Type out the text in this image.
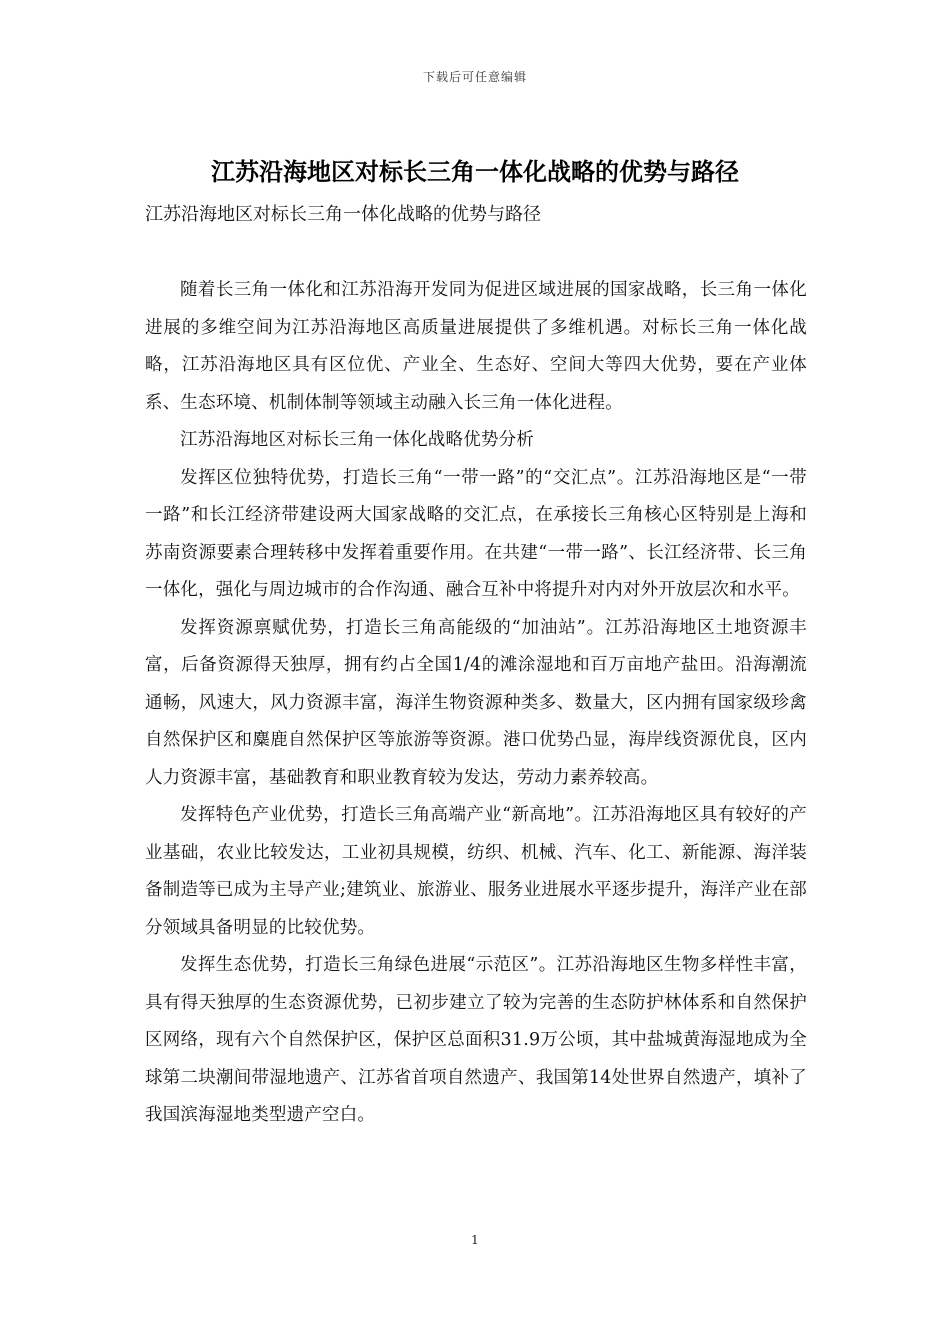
下载后可任意编辑
江苏沿海地区对标长三角一体化战略的优势与路径

江苏沿海地区对标长三角一体化战略的优势与路径

随着长三角一体化和江苏沿海开发同为促进区域进展的国家战略，长三角一体化进展的多维空间为江苏沿海地区高质量进展提供了多维机遇。对标长三角一体化战略，江苏沿海地区具有区位优、产业全、生态好、空间大等四大优势，要在产业体系、生态环境、机制体制等领域主动融入长三角一体化进程。

江苏沿海地区对标长三角一体化战略优势分析

发挥区位独特优势，打造长三角“一带一路”的“交汇点”。江苏沿海地区是“一带一路”和长江经济带建设两大国家战略的交汇点，在承接长三角核心区特别是上海和苏南资源要素合理转移中发挥着重要作用。在共建“一带一路”、长江经济带、长三角一体化，强化与周边城市的合作沟通、融合互补中将提升对内对外开放层次和水平。

发挥资源禀赋优势，打造长三角高能级的“加油站”。江苏沿海地区土地资源丰富，后备资源得天独厚，拥有约占全国1/4的滩涂湿地和百万亩地产盐田。沿海潮流通畅，风速大，风力资源丰富，海洋生物资源种类多、数量大，区内拥有国家级珍禽自然保护区和麋鹿自然保护区等旅游等资源。港口优势凸显，海岸线资源优良，区内人力资源丰富，基础教育和职业教育较为发达，劳动力素养较高。

发挥特色产业优势，打造长三角高端产业“新高地”。江苏沿海地区具有较好的产业基础，农业比较发达，工业初具规模，纺织、机械、汽车、化工、新能源、海洋装备制造等已成为主导产业;建筑业、旅游业、服务业进展水平逐步提升，海洋产业在部分领域具备明显的比较优势。

发挥生态优势，打造长三角绿色进展“示范区”。江苏沿海地区生物多样性丰富，具有得天独厚的生态资源优势，已初步建立了较为完善的生态防护林体系和自然保护区网络，现有六个自然保护区，保护区总面积31.9万公顷，其中盐城黄海湿地成为全球第二块潮间带湿地遗产、江苏省首项自然遗产、我国第14处世界自然遗产，填补了我国滨海湿地类型遗产空白。

1
